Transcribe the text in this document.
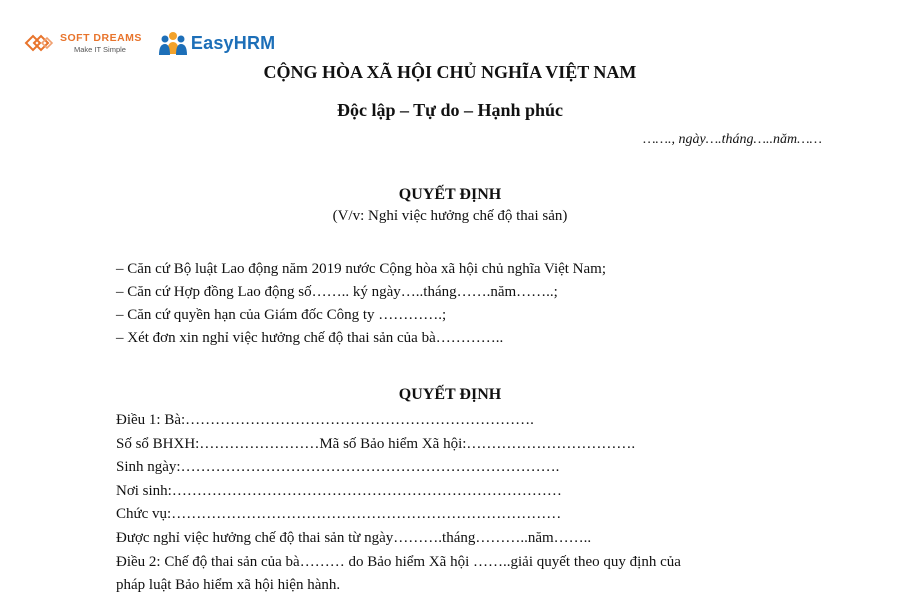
SOFT DREAMS
Make IT Simple	EasyHRM
CỘNG HÒA XÃ HỘI CHỦ NGHĨA VIỆT NAM
Độc lập – Tự do – Hạnh phúc
……., ngày….tháng…..năm……
QUYẾT ĐỊNH
(V/v: Nghỉ việc hưởng chế độ thai sản)
– Căn cứ Bộ luật Lao động năm 2019 nước Cộng hòa xã hội chủ nghĩa Việt Nam;
– Căn cứ Hợp đồng Lao động số…….. ký ngày…..tháng…….năm……..;
– Căn cứ quyền hạn của Giám đốc Công ty ………….;
– Xét đơn xin nghỉ việc hưởng chế độ thai sản của bà…………..
QUYẾT ĐỊNH
Điều 1: Bà:…………………………………………………………….
Số sổ BHXH:……………………Mã số Bảo hiểm Xã hội:…………………………….
Sinh ngày:………………………………………………………………….
Nơi sinh:……………………………………………………………………
Chức vụ:……………………………………………………………………
Được nghỉ việc hưởng chế độ thai sản từ ngày……….tháng………..năm……..
Điều 2: Chế độ thai sản của bà……… do Bảo hiểm Xã hội ……..giải quyết theo quy định của
pháp luật Bảo hiểm xã hội hiện hành.
